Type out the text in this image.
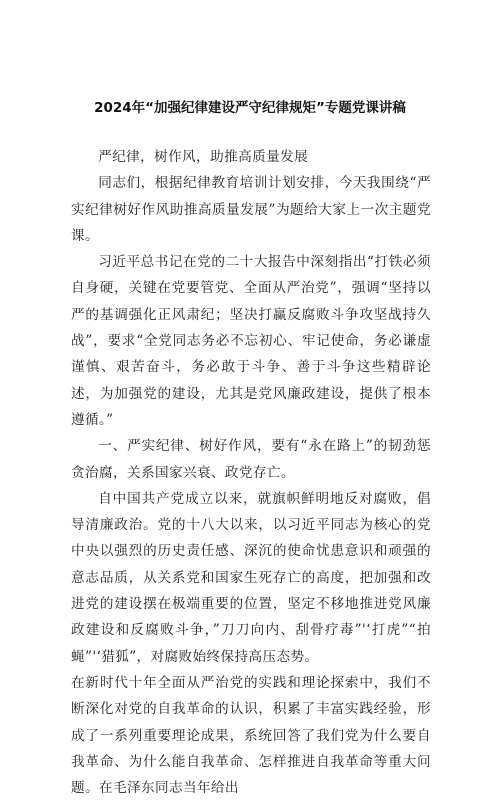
2024年“加强纪律建设严守纪律规矩”专题党课讲稿

严纪律，树作风，助推高质量发展

同志们，根据纪律教育培训计划安排，今天我围绕“严实纪律树好作风助推高质量发展”为题给大家上一次主题党课。

习近平总书记在党的二十大报告中深刻指出“打铁必须自身硬，关键在党要管党、全面从严治党”，强调“坚持以严的基调强化正风肃纪；坚决打赢反腐败斗争攻坚战持久战”，要求“全党同志务必不忘初心、牢记使命，务必谦虚谨慎、艰苦奋斗，务必敢于斗争、善于斗争这些精辟论述，为加强党的建设，尤其是党风廉政建设，提供了根本遵循。”

一、严实纪律、树好作风，要有“永在路上”的韧劲惩贪治腐，关系国家兴衰、政党存亡。

自中国共产党成立以来，就旗帜鲜明地反对腐败，倡导清廉政治。党的十八大以来，以习近平同志为核心的党中央以强烈的历史责任感、深沉的使命忧患意识和顽强的意志品质，从关系党和国家生死存亡的高度，把加强和改进党的建设摆在极端重要的位置，坚定不移地推进党风廉政建设和反腐败斗争，”刀刀向内、刮骨疗毒”'‘打虎”“拍蝇”'‘猎狐”，对腐败始终保持高压态势。

在新时代十年全面从严治党的实践和理论探索中，我们不断深化对党的自我革命的认识，积累了丰富实践经验，形成了一系列重要理论成果，系统回答了我们党为什么要自我革命、为什么能自我革命、怎样推进自我革命等重大问题。在毛泽东同志当年给出
